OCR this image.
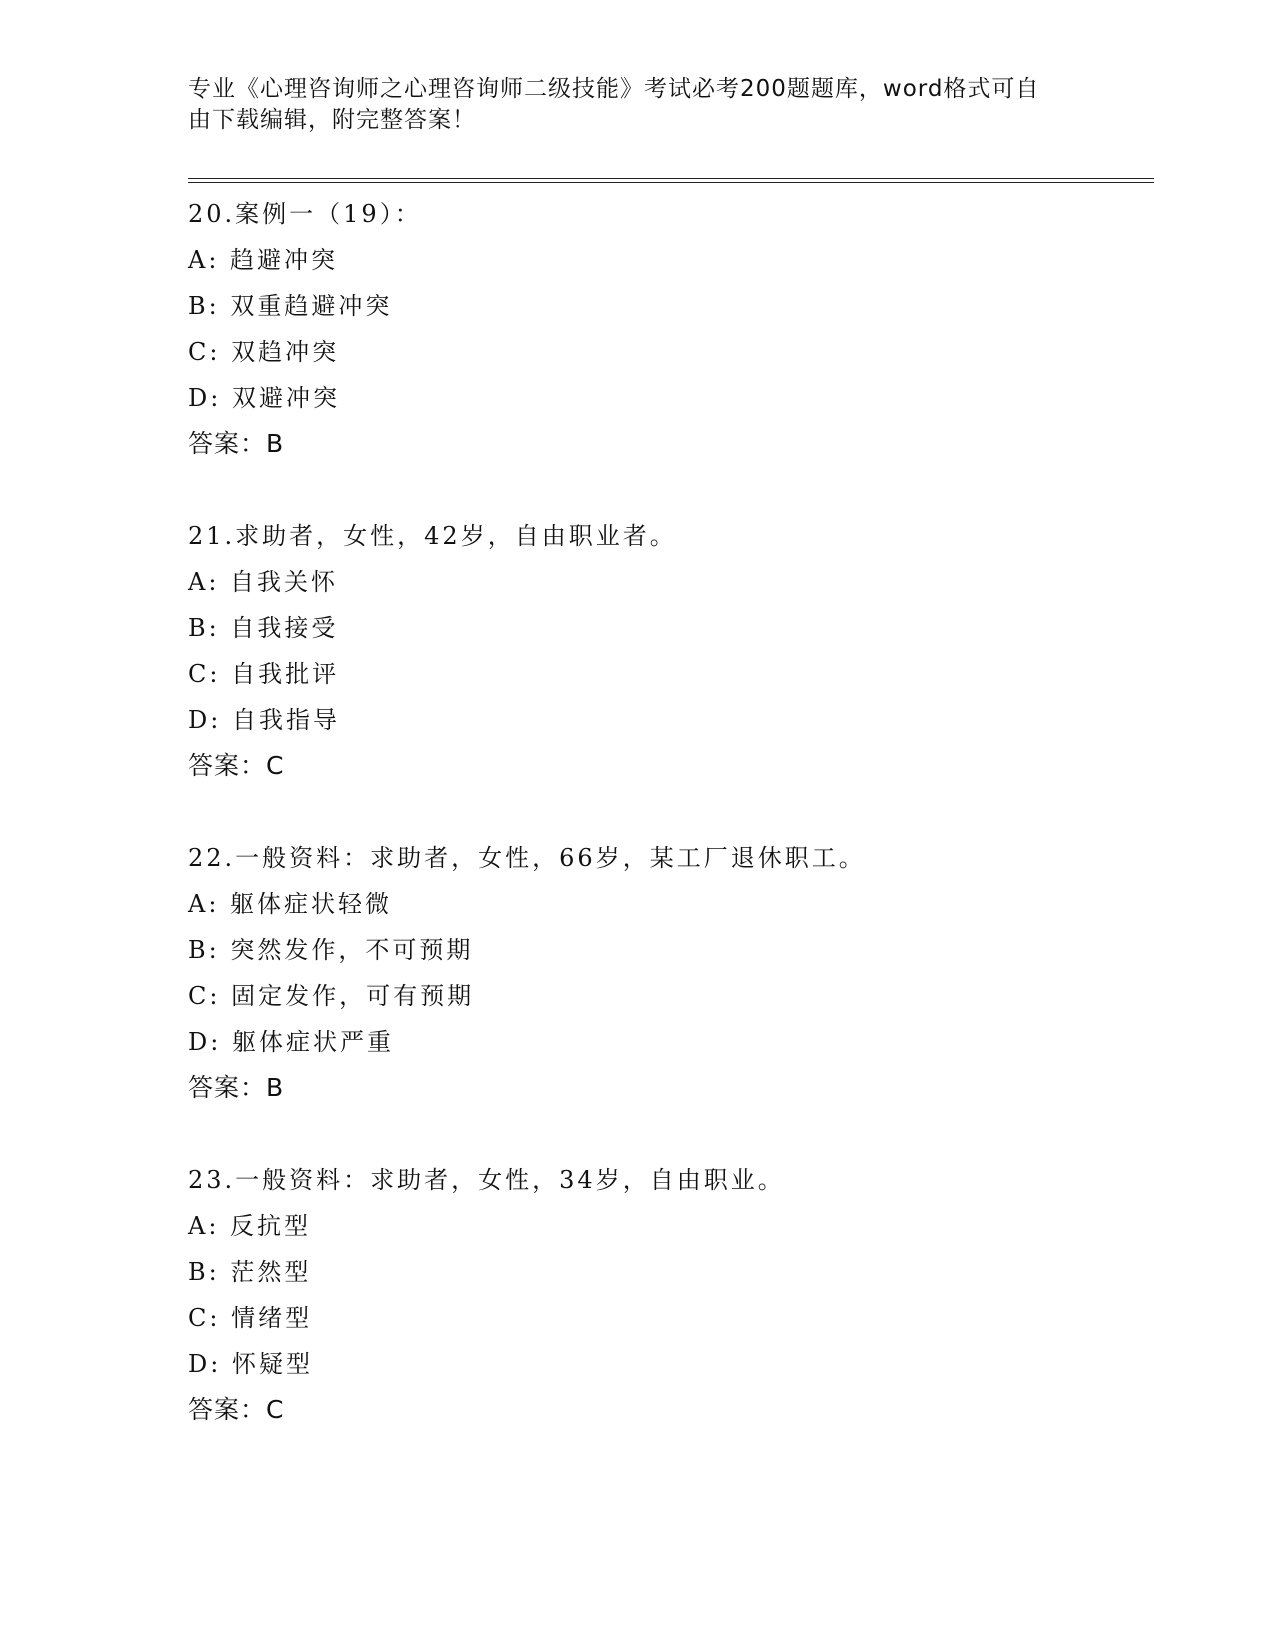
专业《心理咨询师之心理咨询师二级技能》考试必考200题题库，word格式可自
由下载编辑，附完整答案！
20.案例一（19）：
A: 趋避冲突
B: 双重趋避冲突
C: 双趋冲突
D: 双避冲突
答案：B
21.求助者，女性，42岁，自由职业者。
A: 自我关怀
B: 自我接受
C: 自我批评
D: 自我指导
答案：C
22.一般资料：求助者，女性，66岁，某工厂退休职工。
A: 躯体症状轻微
B: 突然发作，不可预期
C: 固定发作，可有预期
D: 躯体症状严重
答案：B
23.一般资料：求助者，女性，34岁，自由职业。
A: 反抗型
B: 茫然型
C: 情绪型
D: 怀疑型
答案：C
